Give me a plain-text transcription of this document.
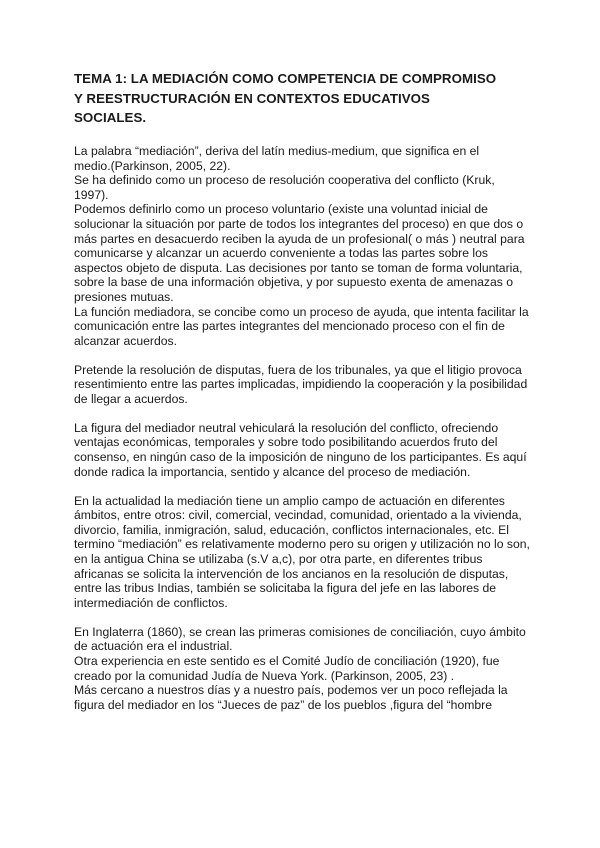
TEMA 1: LA MEDIACIÓN COMO COMPETENCIA DE COMPROMISO
Y REESTRUCTURACIÓN EN CONTEXTOS EDUCATIVOS
SOCIALES.

La palabra “mediación”, deriva del latín medius-medium, que significa en el
medio.(Parkinson, 2005, 22).

Se ha definido como un proceso de resolución cooperativa del conflicto (Kruk,
1997).

Podemos definirlo como un proceso voluntario (existe una voluntad inicial de
solucionar la situación por parte de todos los integrantes del proceso) en que dos o
más partes en desacuerdo reciben la ayuda de un profesional( o más ) neutral para
comunicarse y alcanzar un acuerdo conveniente a todas las partes sobre los
aspectos objeto de disputa. Las decisiones por tanto se toman de forma voluntaria,
sobre la base de una información objetiva, y por supuesto exenta de amenazas o
presiones mutuas.

La función mediadora, se concibe como un proceso de ayuda, que intenta facilitar la
comunicación entre las partes integrantes del mencionado proceso con el fin de
alcanzar acuerdos.

Pretende la resolución de disputas, fuera de los tribunales, ya que el litigio provoca
resentimiento entre las partes implicadas, impidiendo la cooperación y la posibilidad
de llegar a acuerdos.

La figura del mediador neutral vehiculará la resolución del conflicto, ofreciendo
ventajas económicas, temporales y sobre todo posibilitando acuerdos fruto del
consenso, en ningún caso de la imposición de ninguno de los participantes. Es aquí
donde radica la importancia, sentido y alcance del proceso de mediación.

En la actualidad la mediación tiene un amplio campo de actuación en diferentes
ámbitos, entre otros: civil, comercial, vecindad, comunidad, orientado a la vivienda,
divorcio, familia, inmigración, salud, educación, conflictos internacionales, etc. El
termino “mediación” es relativamente moderno pero su origen y utilización no lo son,
en la antigua China se utilizaba (s.V a,c), por otra parte, en diferentes tribus
africanas se solicita la intervención de los ancianos en la resolución de disputas,
entre las tribus Indias, también se solicitaba la figura del jefe en las labores de
intermediación de conflictos.

En Inglaterra (1860), se crean las primeras comisiones de conciliación, cuyo ámbito
de actuación era el industrial.

Otra experiencia en este sentido es el Comité Judío de conciliación (1920), fue
creado por la comunidad Judía de Nueva York. (Parkinson, 2005, 23) .

Más cercano a nuestros días y a nuestro país, podemos ver un poco reflejada la
figura del mediador en los “Jueces de paz” de los pueblos ,figura del “hombre
